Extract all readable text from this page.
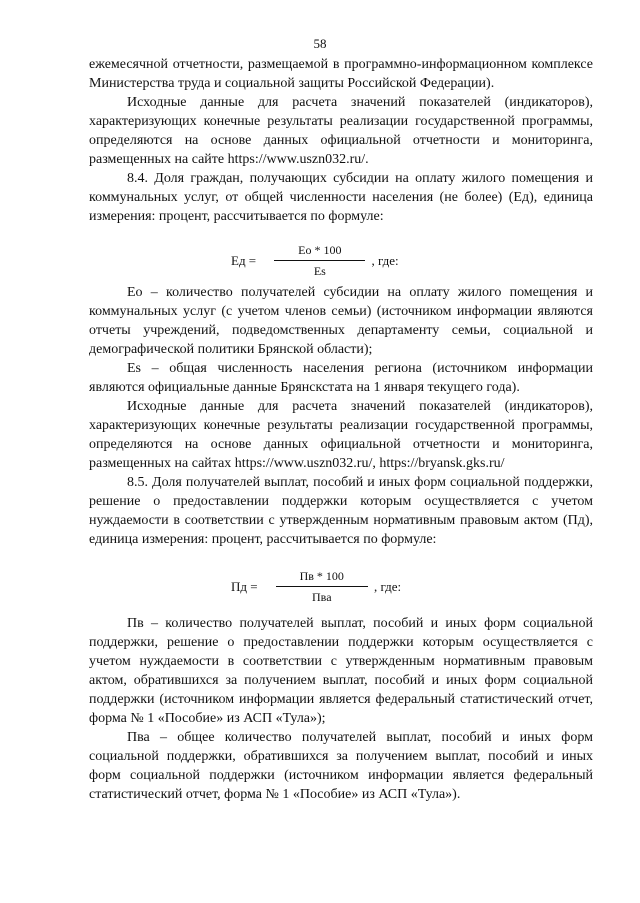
58

ежемесячной отчетности, размещаемой в программно-информационном комплексе Министерства труда и социальной защиты Российской Федерации).

Исходные данные для расчета значений показателей (индикаторов), характеризующих конечные результаты реализации государственной программы, определяются на основе данных официальной отчетности и мониторинга, размещенных на сайте https://www.uszn032.ru/.

8.4. Доля граждан, получающих субсидии на оплату жилого помещения и коммунальных услуг, от общей численности населения (не более) (Ед), единица измерения: процент, рассчитывается по формуле:

Ед = $\frac{Ео * 100}{Es}$ , где:

Ео – количество получателей субсидии на оплату жилого помещения и коммунальных услуг (с учетом членов семьи) (источником информации являются отчеты учреждений, подведомственных департаменту семьи, социальной и демографической политики Брянской области);

Es – общая численность населения региона (источником информации являются официальные данные Брянскстата на 1 января текущего года).

Исходные данные для расчета значений показателей (индикаторов), характеризующих конечные результаты реализации государственной программы, определяются на основе данных официальной отчетности и мониторинга, размещенных на сайтах https://www.uszn032.ru/, https://bryansk.gks.ru/

8.5. Доля получателей выплат, пособий и иных форм социальной поддержки, решение о предоставлении поддержки которым осуществляется с учетом нуждаемости в соответствии с утвержденным нормативным правовым актом (Пд), единица измерения: процент, рассчитывается по формуле:

Пд = $\frac{Пв * 100}{\text{Пва}}$ , где:

Пв – количество получателей выплат, пособий и иных форм социальной поддержки, решение о предоставлении поддержки которым осуществляется с учетом нуждаемости в соответствии с утвержденным нормативным правовым актом, обратившихся за получением выплат, пособий и иных форм социальной поддержки (источником информации является федеральный статистический отчет, форма № 1 «Пособие» из АСП «Тула»);

Пва – общее количество получателей выплат, пособий и иных форм социальной поддержки, обратившихся за получением выплат, пособий и иных форм социальной поддержки (источником информации является федеральный статистический отчет, форма № 1 «Пособие» из АСП «Тула»).
